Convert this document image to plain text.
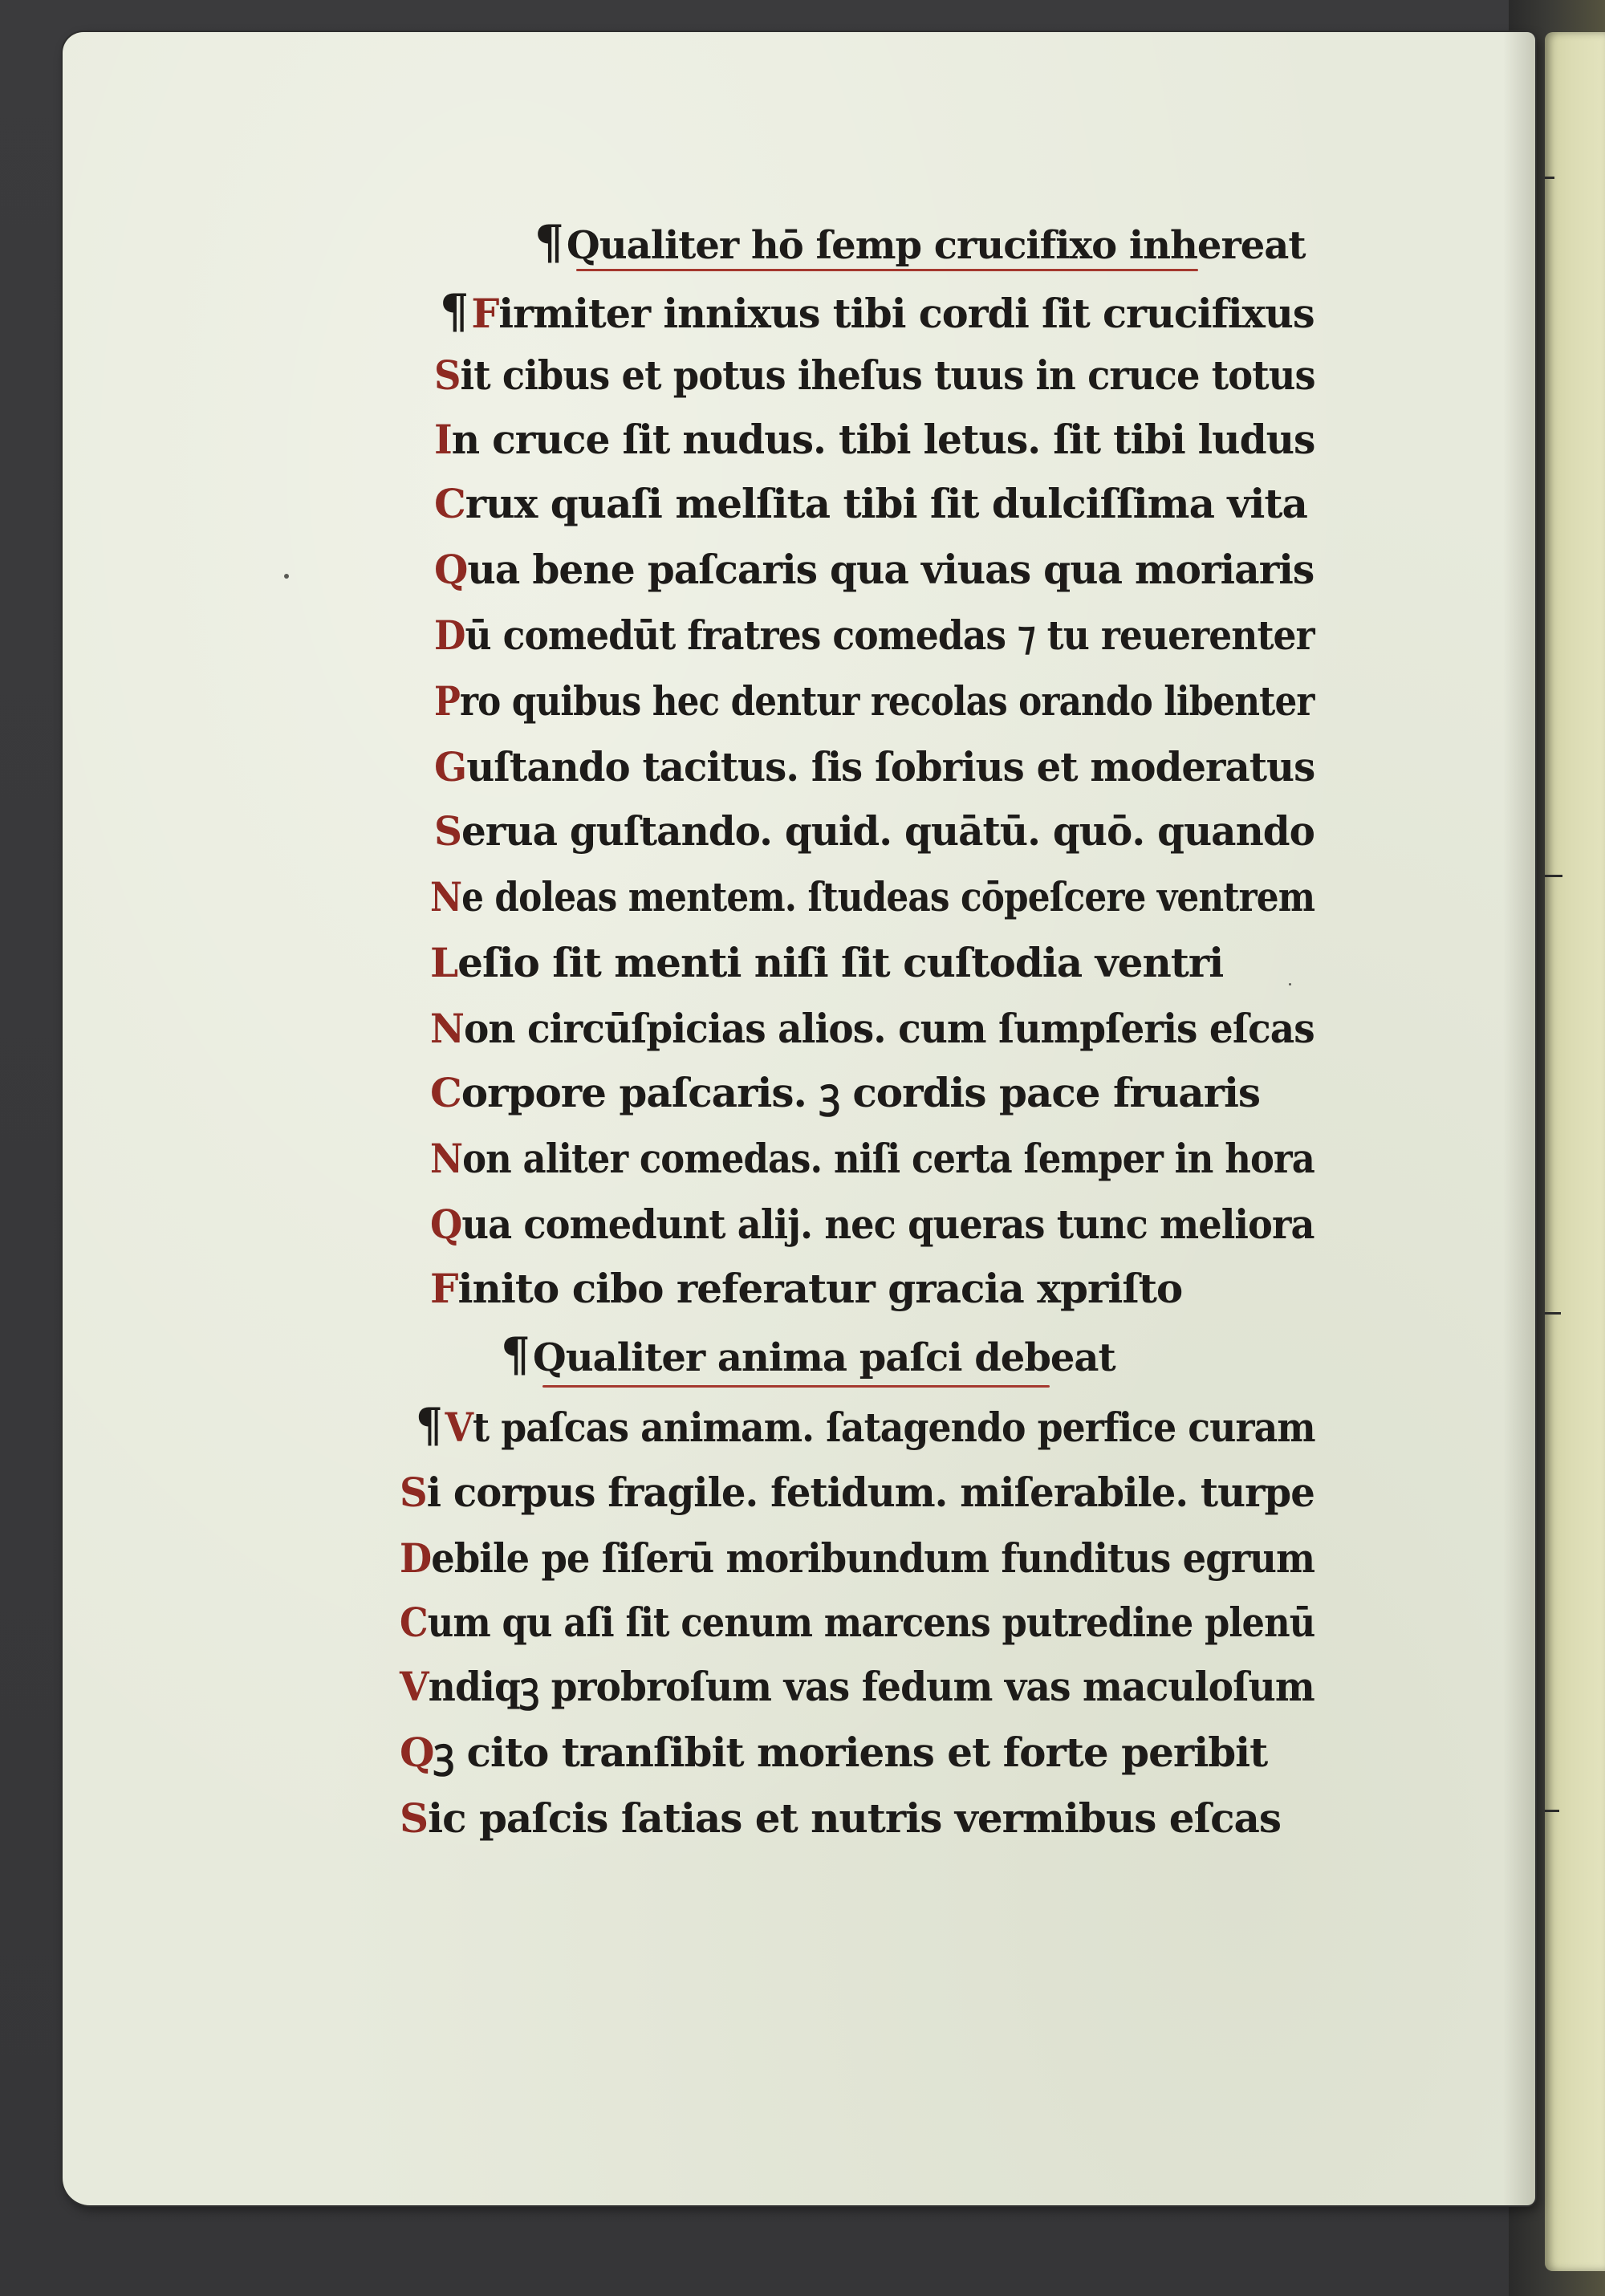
¶Qualiter hō ſemp crucifixo inhereat
¶Firmiter innixus tibi cordi ſit crucifixus
Sit cibus et potus iheſus tuus in cruce totus
In cruce ſit nudus. tibi letus. ſit tibi ludus
Crux quaſi melſita tibi ſit dulciſſima vita
Qua bene paſcaris qua viuas qua moriaris
Dū comedūt fratres comedas ⁊ tu reuerenter
Pro quibus hec dentur recolas orando libenter
Guſtando tacitus. ſis ſobrius et moderatus
Serua guſtando. quid. quātū. quō. quando
Ne doleas mentem. ſtudeas cōpeſcere ventrem
Leſio ſit menti niſi ſit cuſtodia ventri
Non circūſpicias alios. cum ſumpſeris eſcas
Corpore paſcaris. ꝫ cordis pace fruaris
Non aliter comedas. niſi certa ſemper in hora
Qua comedunt alij. nec queras tunc meliora
Finito cibo referatur gracia xpriſto
¶Qualiter anima paſci debeat
¶Vt paſcas animam. ſatagendo perfice curam
Si corpus fragile. fetidum. miſerabile. turpe
Debile pe ſiſerū moribundum funditus egrum
Cum qu aſi ſit cenum marcens putredine plenū
Vndiqꝫ probroſum vas fedum vas maculoſum
Qꝫ cito tranſibit moriens et forte peribit
Sic paſcis ſatias et nutris vermibus eſcas
